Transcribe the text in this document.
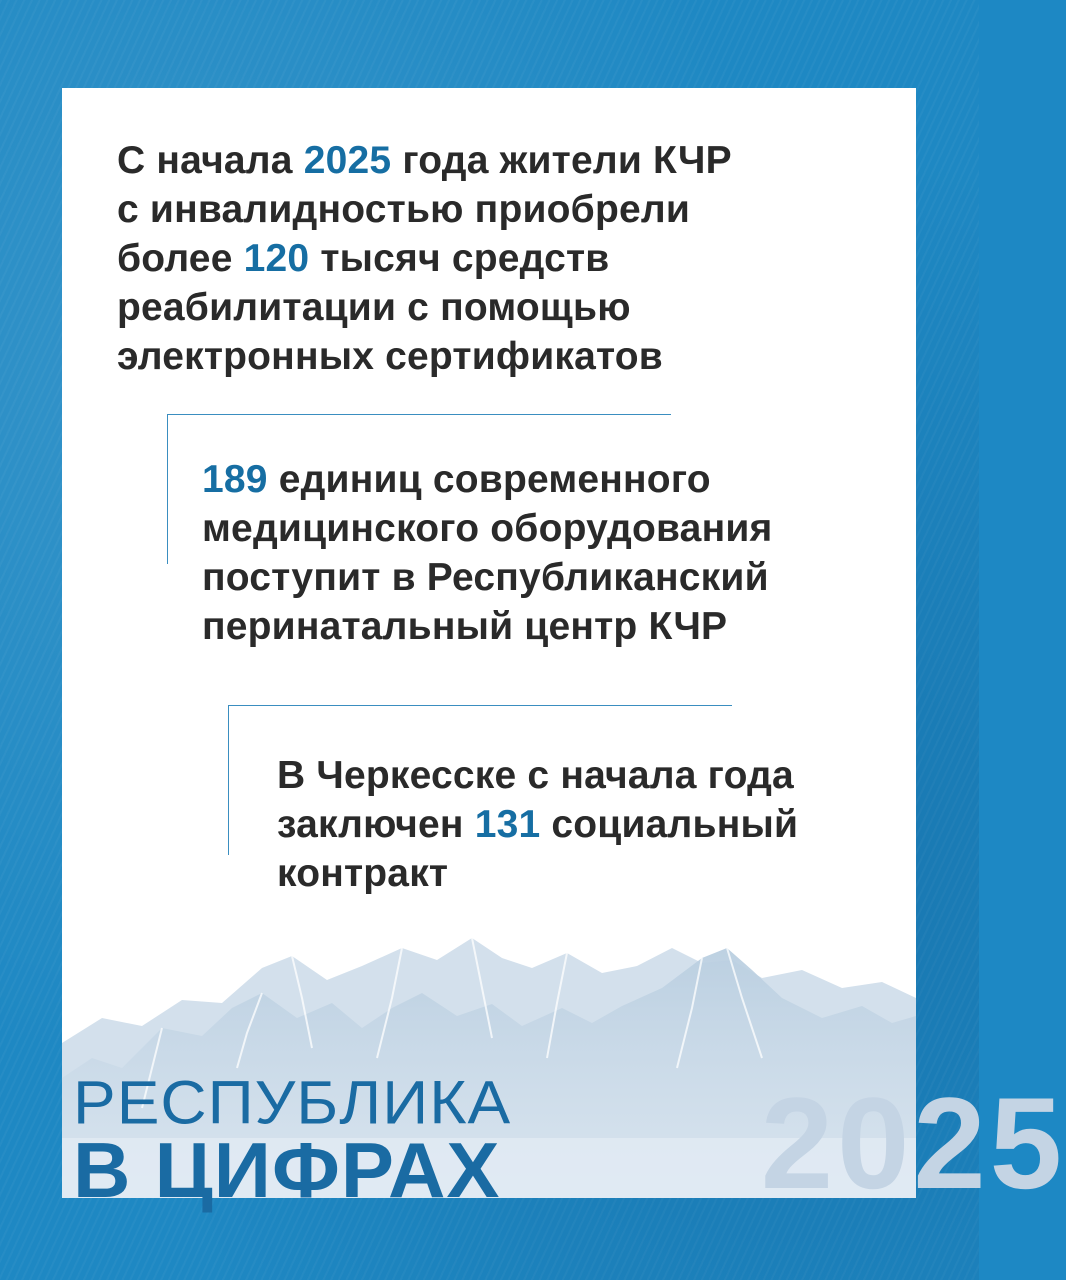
С начала 2025 года жители КЧР
с инвалидностью приобрели
более 120 тысяч средств
реабилитации с помощью
электронных сертификатов

189 единиц современного
медицинского оборудования
поступит в Республиканский
перинатальный центр КЧР

В Черкесске с начала года
заключен 131 социальный
контракт

2025
РЕСПУБЛИКА
В ЦИФРАХ
